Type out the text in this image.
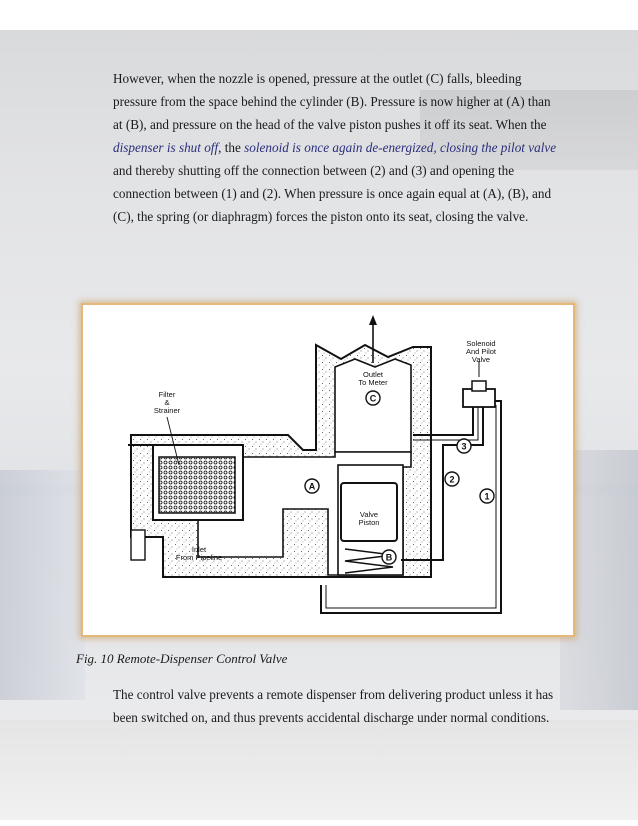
However, when the nozzle is opened, pressure at the outlet (C) falls, bleeding pressure from the space behind the cylinder (B). Pressure is now higher at (A) than at (B), and pressure on the head of the valve piston pushes it off its seat. When the dispenser is shut off, the solenoid is once again de-energized, closing the pilot valve and thereby shutting off the connection between (2) and (3) and opening the connection between (1) and (2). When pressure is once again equal at (A), (B), and (C), the spring (or diaphragm) forces the piston onto its seat, closing the valve.

Solenoid
And Pilot
Valve
Outlet
To Meter
Filter
&
Strainer
Valve
Piston
Inlet
From Pipeline
C
A
B
3
2
1
Fig. 10 Remote-Dispenser Control Valve

The control valve prevents a remote dispenser from delivering product unless it has been switched on, and thus prevents accidental discharge under normal conditions.
